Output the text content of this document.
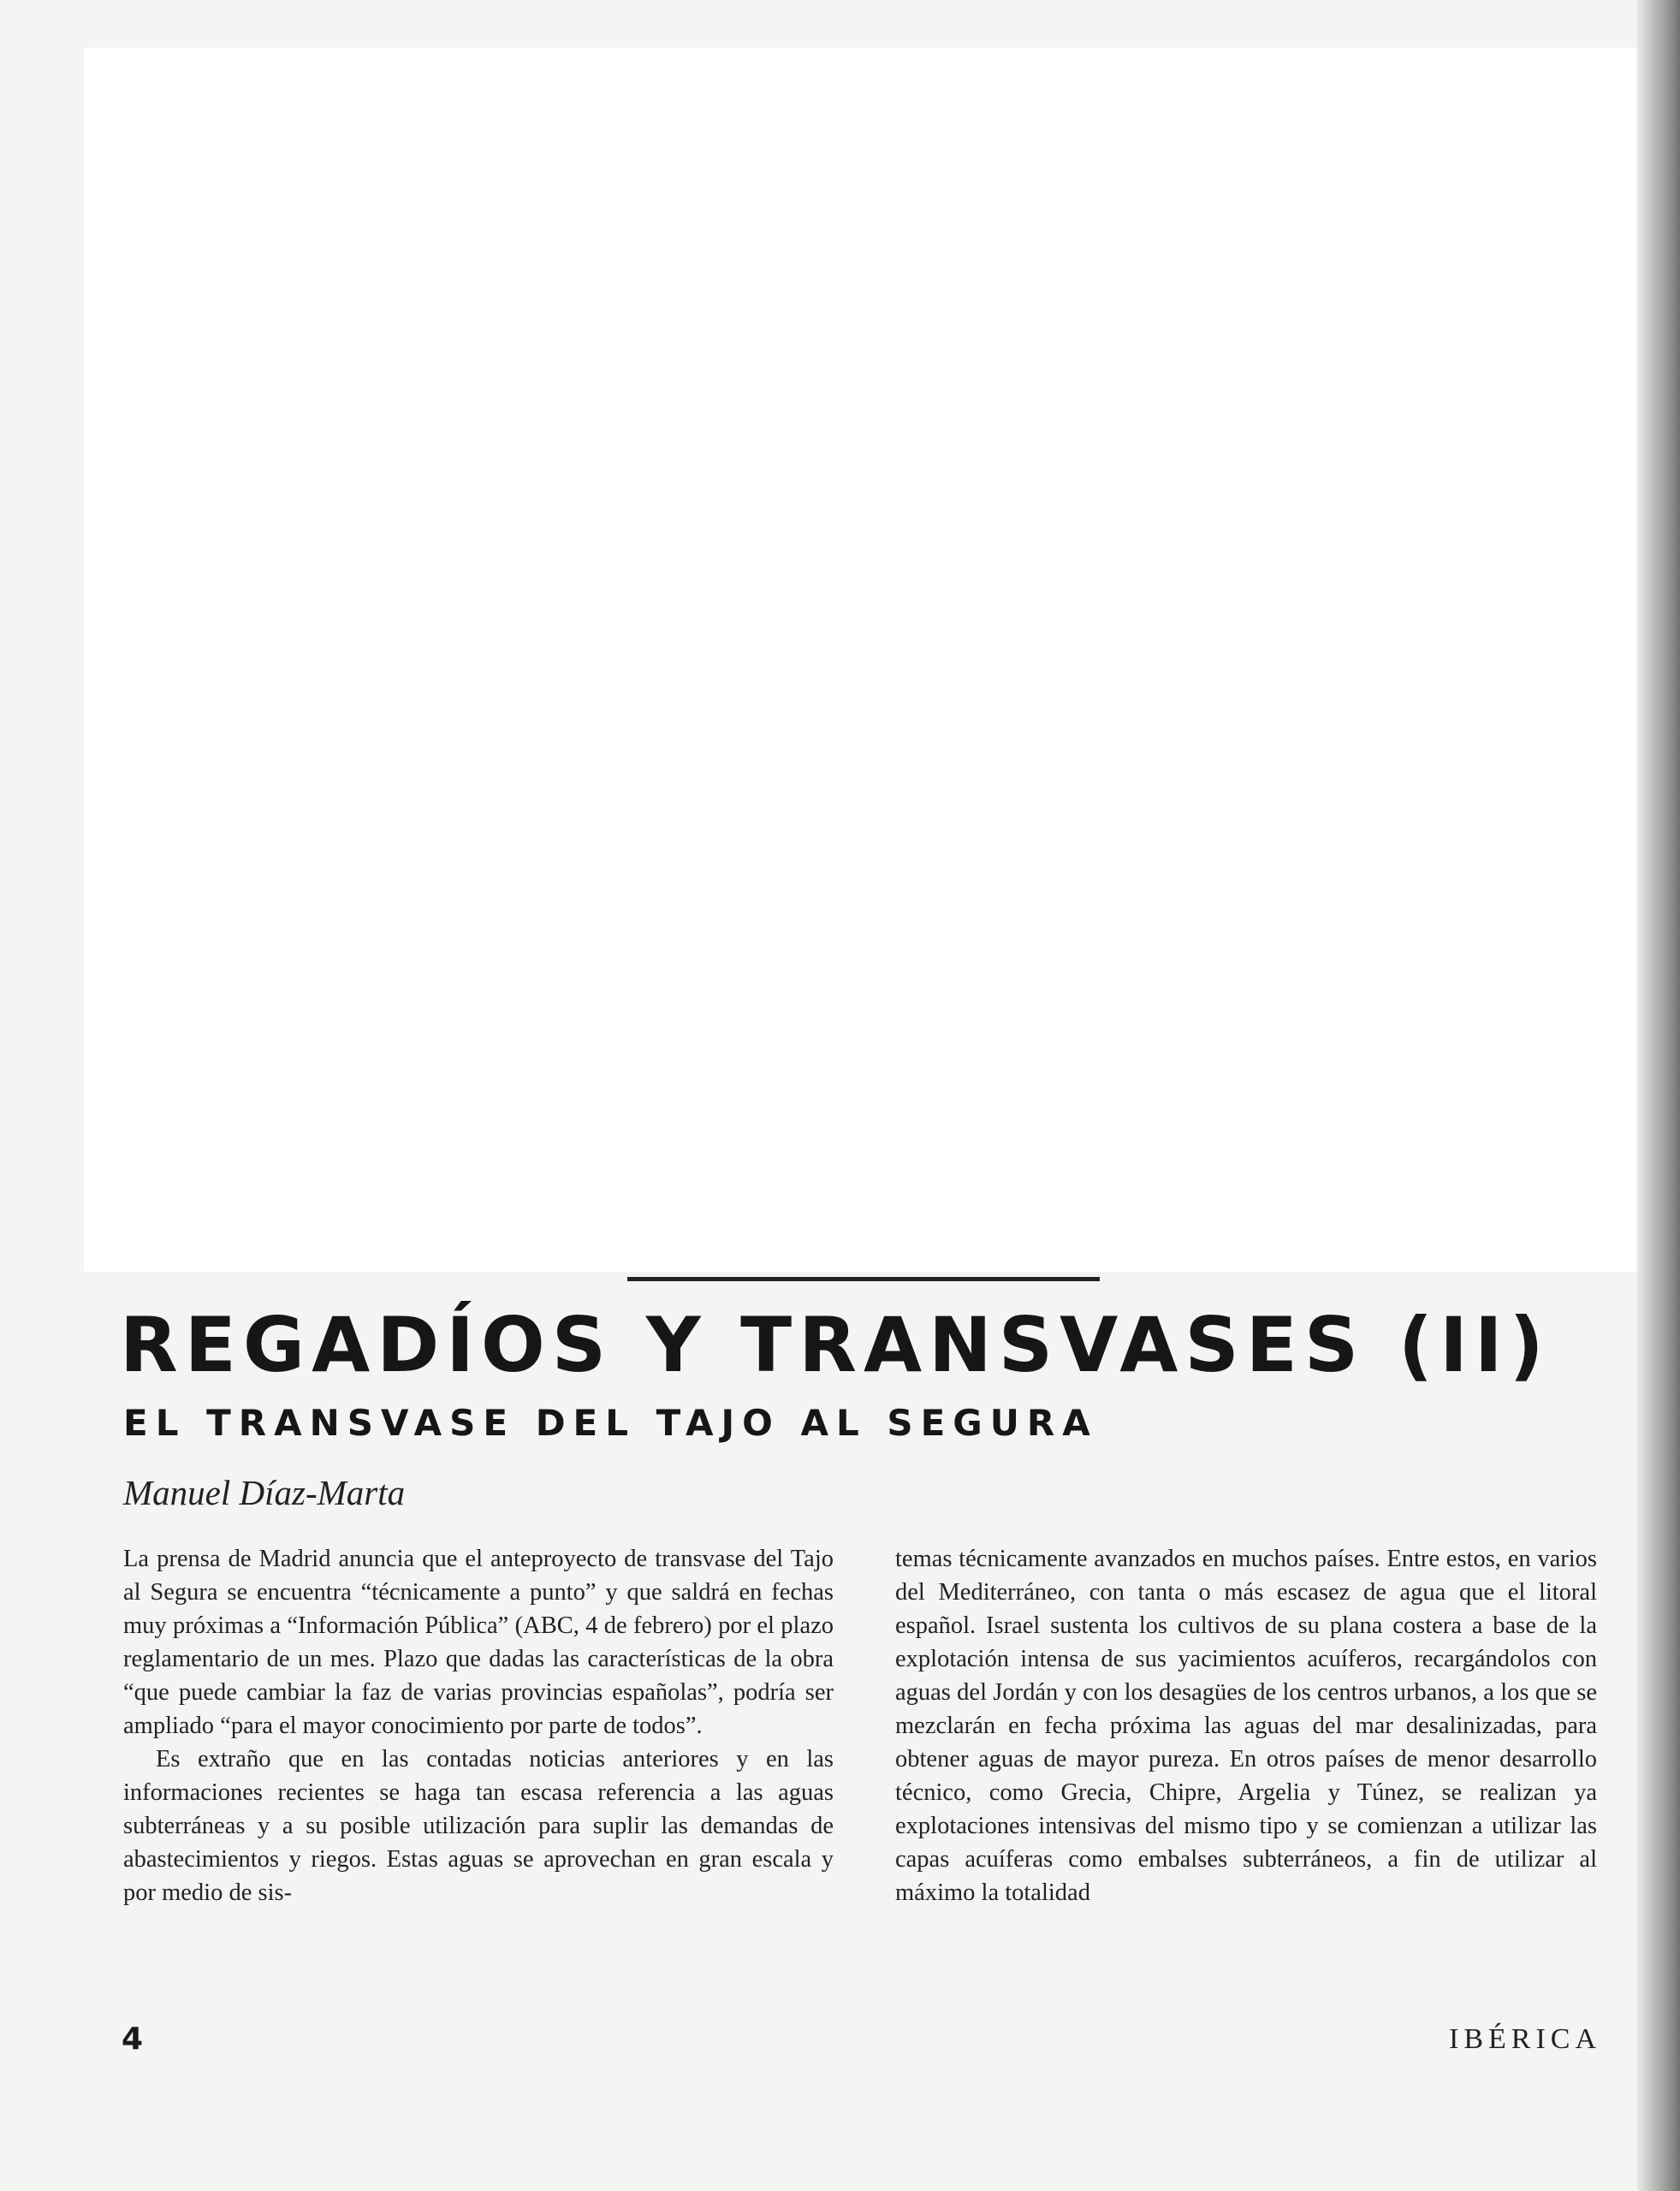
REGADÍOS Y TRANSVASES (II)
EL TRANSVASE DEL TAJO AL SEGURA

Manuel Díaz-Marta

La prensa de Madrid anuncia que el anteproyecto de transvase del Tajo al Segura se encuentra “técnicamente a punto” y que saldrá en fechas muy próximas a “Información Pública” (ABC, 4 de febrero) por el plazo reglamentario de un mes. Plazo que dadas las características de la obra “que puede cambiar la faz de varias provincias españolas”, podría ser ampliado “para el mayor conocimiento por parte de todos”.

Es extraño que en las contadas noticias anteriores y en las informaciones recientes se haga tan escasa referencia a las aguas subterráneas y a su posible utilización para suplir las demandas de abastecimientos y riegos. Estas aguas se aprovechan en gran escala y por medio de sis-

temas técnicamente avanzados en muchos países. Entre estos, en varios del Mediterráneo, con tanta o más escasez de agua que el litoral español. Israel sustenta los cultivos de su plana costera a base de la explotación intensa de sus yacimientos acuíferos, recargándolos con aguas del Jordán y con los desagües de los centros urbanos, a los que se mezclarán en fecha próxima las aguas del mar desalinizadas, para obtener aguas de mayor pureza. En otros países de menor desarrollo técnico, como Grecia, Chipre, Argelia y Túnez, se realizan ya explotaciones intensivas del mismo tipo y se comienzan a utilizar las capas acuíferas como embalses subterráneos, a fin de utilizar al máximo la totalidad

4	IBÉRICA
